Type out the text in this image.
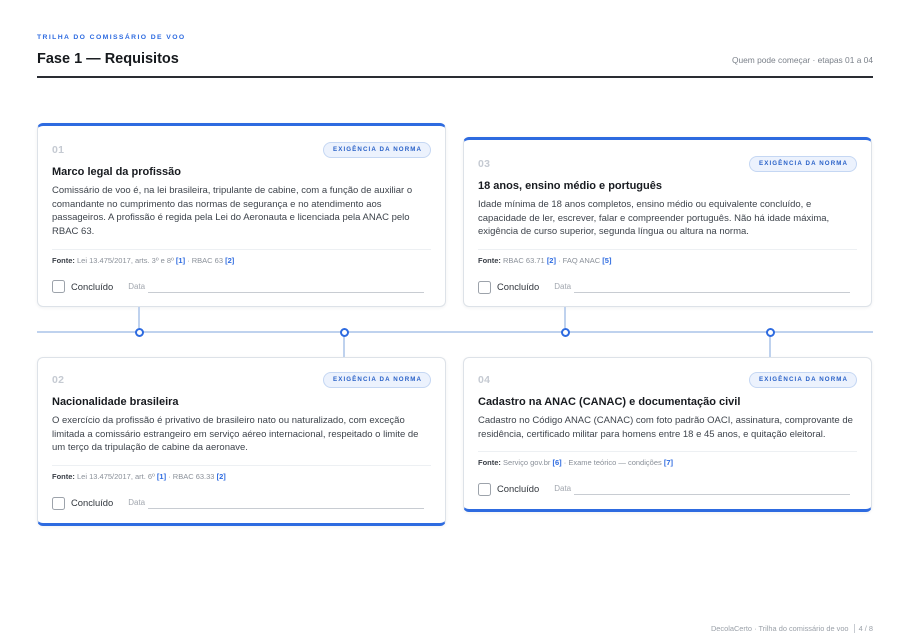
TRILHA DO COMISSÁRIO DE VOO
Fase 1 — Requisitos	Quem pode começar · etapas 01 a 04
01	EXIGÊNCIA DA NORMA
Marco legal da profissão

Comissário de voo é, na lei brasileira, tripulante de cabine, com a função de auxiliar o comandante no cumprimento das normas de segurança e no atendimento aos passageiros. A profissão é regida pela Lei do Aeronauta e licenciada pela ANAC pelo RBAC 63.

Fonte: Lei 13.475/2017, arts. 3º e 8º [1] · RBAC 63 [2]
Concluído Data
02	EXIGÊNCIA DA NORMA
Nacionalidade brasileira

O exercício da profissão é privativo de brasileiro nato ou naturalizado, com exceção limitada a comissário estrangeiro em serviço aéreo internacional, respeitado o limite de um terço da tripulação de cabine da aeronave.

Fonte: Lei 13.475/2017, art. 6º [1] · RBAC 63.33 [2]
Concluído Data
03	EXIGÊNCIA DA NORMA
18 anos, ensino médio e português

Idade mínima de 18 anos completos, ensino médio ou equivalente concluído, e capacidade de ler, escrever, falar e compreender português. Não há idade máxima, exigência de curso superior, segunda língua ou altura na norma.

Fonte: RBAC 63.71 [2] · FAQ ANAC [5]
Concluído Data
04	EXIGÊNCIA DA NORMA
Cadastro na ANAC (CANAC) e documentação civil

Cadastro no Código ANAC (CANAC) com foto padrão OACI, assinatura, comprovante de residência, certificado militar para homens entre 18 e 45 anos, e quitação eleitoral.

Fonte: Serviço gov.br [6] · Exame teórico — condições [7]
Concluído Data
DecolaCerto · Trilha do comissário de voo 4 / 8
